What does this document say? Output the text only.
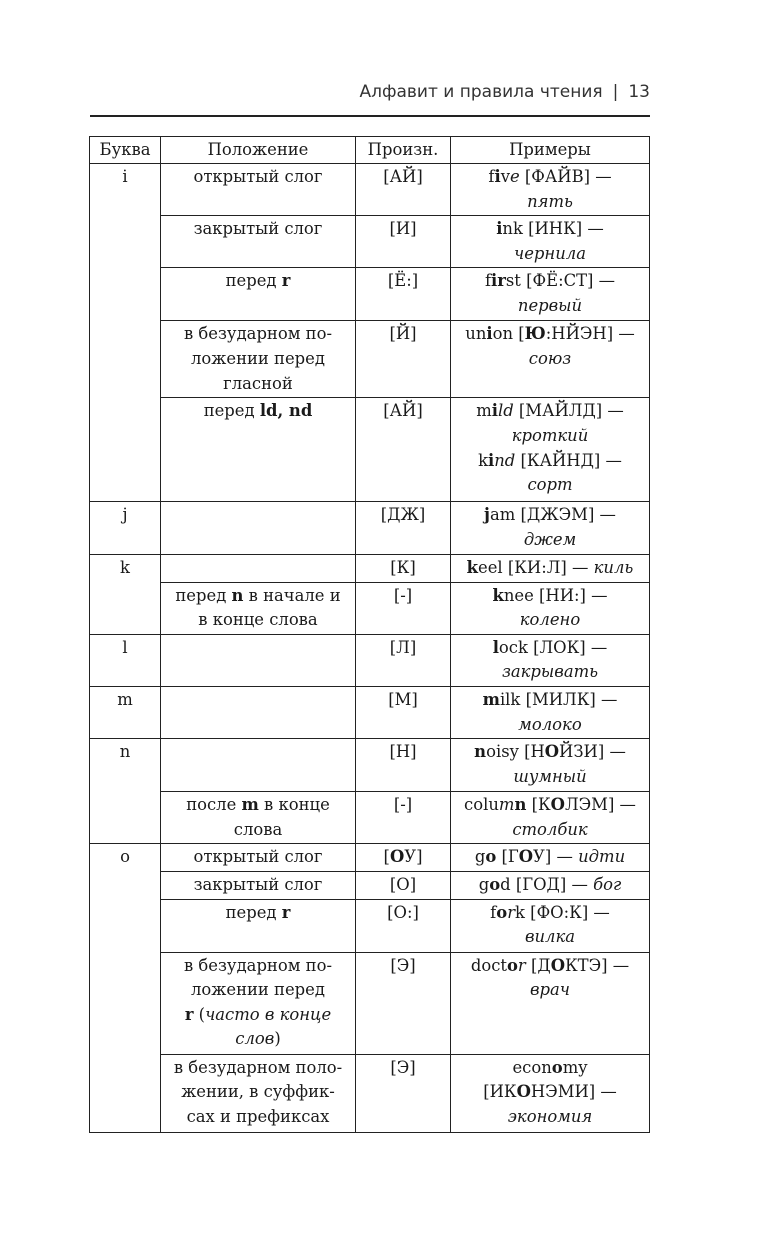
Алфавит и правила чтения | 13
Буква	Положение	Произн.	Примеры
i	открытый слог	[АЙ]	five [ФАЙВ] —
пять
	закрытый слог	[И]	ink [ИНК] —
чернила
	перед r	[Ё:]	first [ФЁ:СТ] —
первый
	в безударном по-
ложении перед
гласной	[Й]	union [Ю:НЙЭН] —
союз
	перед ld, nd	[АЙ]	mild [МАЙЛД] —
кроткий
kind [КАЙНД] —
сорт
j		[ДЖ]	jam [ДЖЭМ] —
джем
k		[К]	keel [КИ:Л] — киль
	перед n в начале и
в конце слова	[-]	knee [НИ:] —
колено
l		[Л]	lock [ЛОК] —
закрывать
m		[М]	milk [МИЛК] —
молоко
n		[Н]	noisy [НОЙЗИ] —
шумный
	после m в конце
слова	[-]	column [КОЛЭМ] —
столбик
o	открытый слог	[ОУ]	go [ГОУ] — идти
	закрытый слог	[О]	god [ГОД] — бог
	перед r	[О:]	fork [ФО:К] —
вилка
	в безударном по-
ложении перед
r (часто в конце
слов)	[Э]	doctor [ДОКТЭ] —
врач
	в безударном поло-
жении, в суффик-
сах и префиксах	[Э]	economy
[ИКОНЭМИ] —
экономия
